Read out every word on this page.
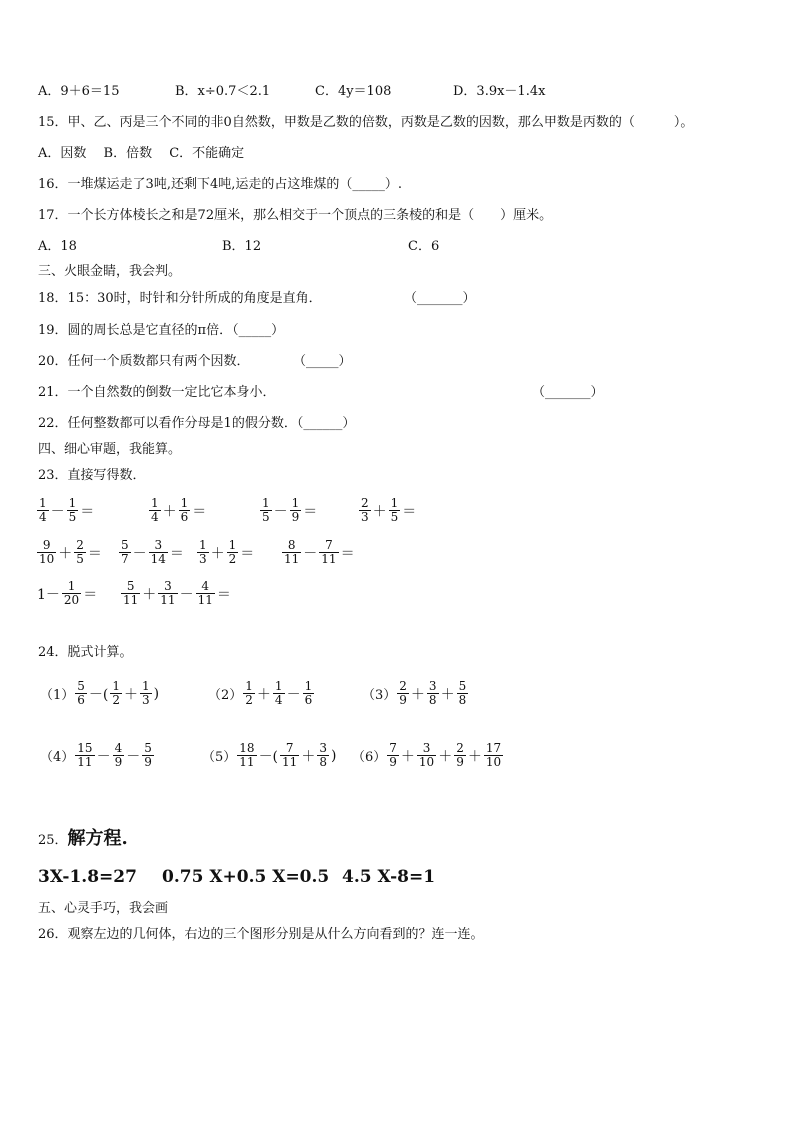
A．9＋6＝15	B．x÷0.7＜2.1	C．4y＝108	D．3.9x－1.4x
15．甲、乙、丙是三个不同的非0自然数，甲数是乙数的倍数，丙数是乙数的因数，那么甲数是丙数的（　　　）。
A．因数　 B．倍数　 C．不能确定
16．一堆煤运走了3吨,还剩下4吨,运走的占这堆煤的（_____）.
17．一个长方体棱长之和是72厘米，那么相交于一个顶点的三条棱的和是（　　）厘米。
A．18	B．12	C．6
三、火眼金睛，我会判。
18．15：30时，时针和分针所成的角度是直角．	（_______）
19．圆的周长总是它直径的π倍．（_____）
20．任何一个质数都只有两个因数．	（_____）
21．一个自然数的倒数一定比它本身小．	（_______）
22．任何整数都可以看作分母是1的假分数．（______）
四、细心审题，我能算。
23．直接写得数．
1
4 －
1
5 ＝
1
4 ＋
1
6 ＝
1
5 －
1
9 ＝
2
3 ＋
1
5 ＝
9
10 ＋
2
5 ＝
5
7 －
3
14 ＝
1
3 ＋
1
2 ＝
8
11 －
7
11 ＝
1－
1
20 ＝
5
11 ＋
3
11 －
4
11 ＝
24．脱式计算。
（1）
5
6 －(
1
2 ＋
1
3 )	（2）
1
2 ＋
1
4 －
1
6	（3）
2
9 ＋
3
8 ＋
5
8
（4）
15
11 －
4
9 －
5
9	（5）
18
11 －(
7
11 ＋
3
8 ) （6）
7
9 ＋
3
10 ＋
2
9 ＋
17
10
25．解方程.
3X-1.8=27 0.75 X+0.5 X=0.5 4.5 X-8=1
五、心灵手巧，我会画
26．观察左边的几何体，右边的三个图形分别是从什么方向看到的？连一连。
